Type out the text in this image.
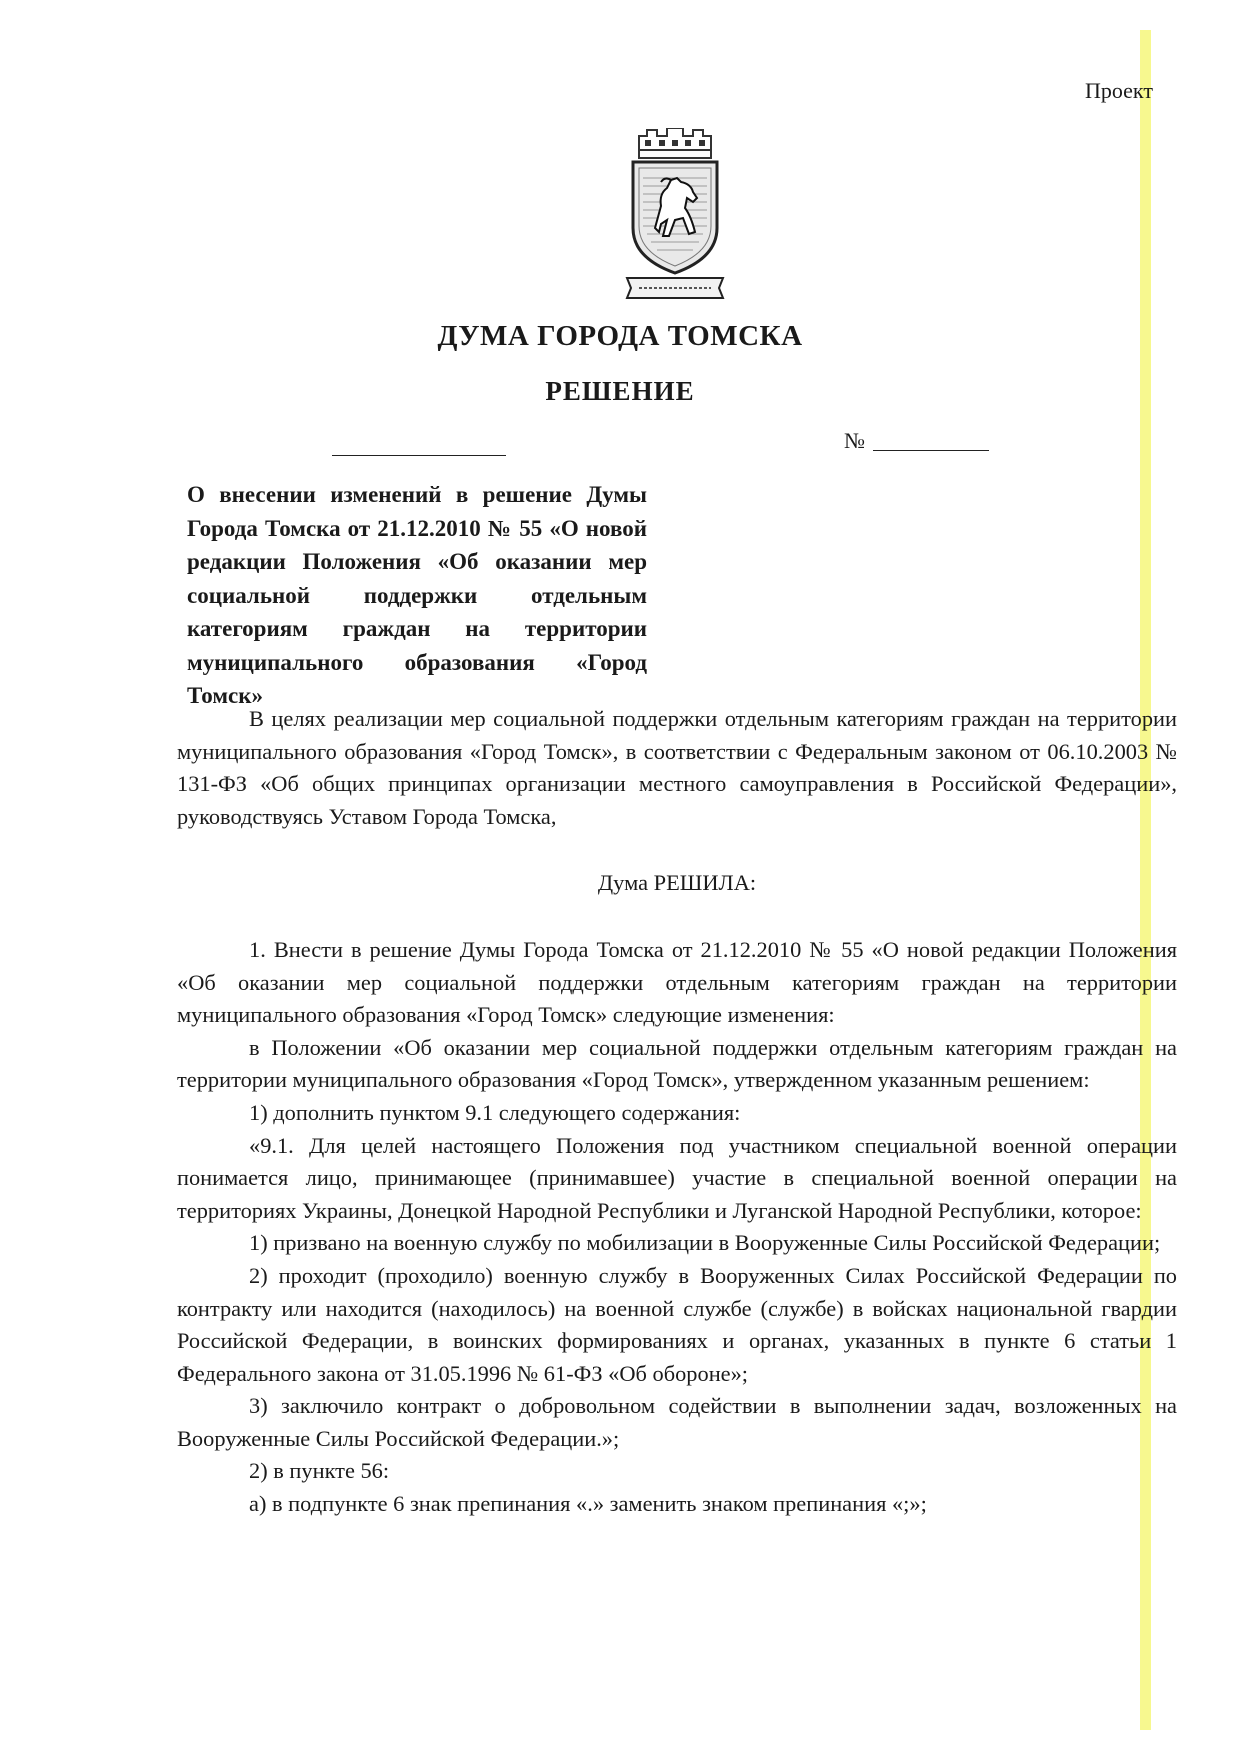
Проект
ДУМА ГОРОДА ТОМСКА
РЕШЕНИЕ
№
О внесении изменений в решение Думы Города Томска от 21.12.2010 № 55 «О новой редакции Положения «Об оказании мер социальной поддержки отдельным категориям граждан на территории муниципального образования «Город Томск»

В целях реализации мер социальной поддержки отдельным категориям граждан на территории муниципального образования «Город Томск», в соответствии с Федеральным законом от 06.10.2003 № 131-ФЗ «Об общих принципах организации местного самоуправления в Российской Федерации», руководствуясь Уставом Города Томска,

Дума РЕШИЛА:

1. Внести в решение Думы Города Томска от 21.12.2010 № 55 «О новой редакции Положения «Об оказании мер социальной поддержки отдельным категориям граждан на территории муниципального образования «Город Томск» следующие изменения:

в Положении «Об оказании мер социальной поддержки отдельным категориям граждан на территории муниципального образования «Город Томск», утвержденном указанным решением:

1) дополнить пунктом 9.1 следующего содержания:

«9.1. Для целей настоящего Положения под участником специальной военной операции понимается лицо, принимающее (принимавшее) участие в специальной военной операции на территориях Украины, Донецкой Народной Республики и Луганской Народной Республики, которое:

1) призвано на военную службу по мобилизации в Вооруженные Силы Российской Федерации;

2) проходит (проходило) военную службу в Вооруженных Силах Российской Федерации по контракту или находится (находилось) на военной службе (службе) в войсках национальной гвардии Российской Федерации, в воинских формированиях и органах, указанных в пункте 6 статьи 1 Федерального закона от 31.05.1996 № 61-ФЗ «Об обороне»;

3) заключило контракт о добровольном содействии в выполнении задач, возложенных на Вооруженные Силы Российской Федерации.»;

2) в пункте 56:

а) в подпункте 6 знак препинания «.» заменить знаком препинания «;»;
